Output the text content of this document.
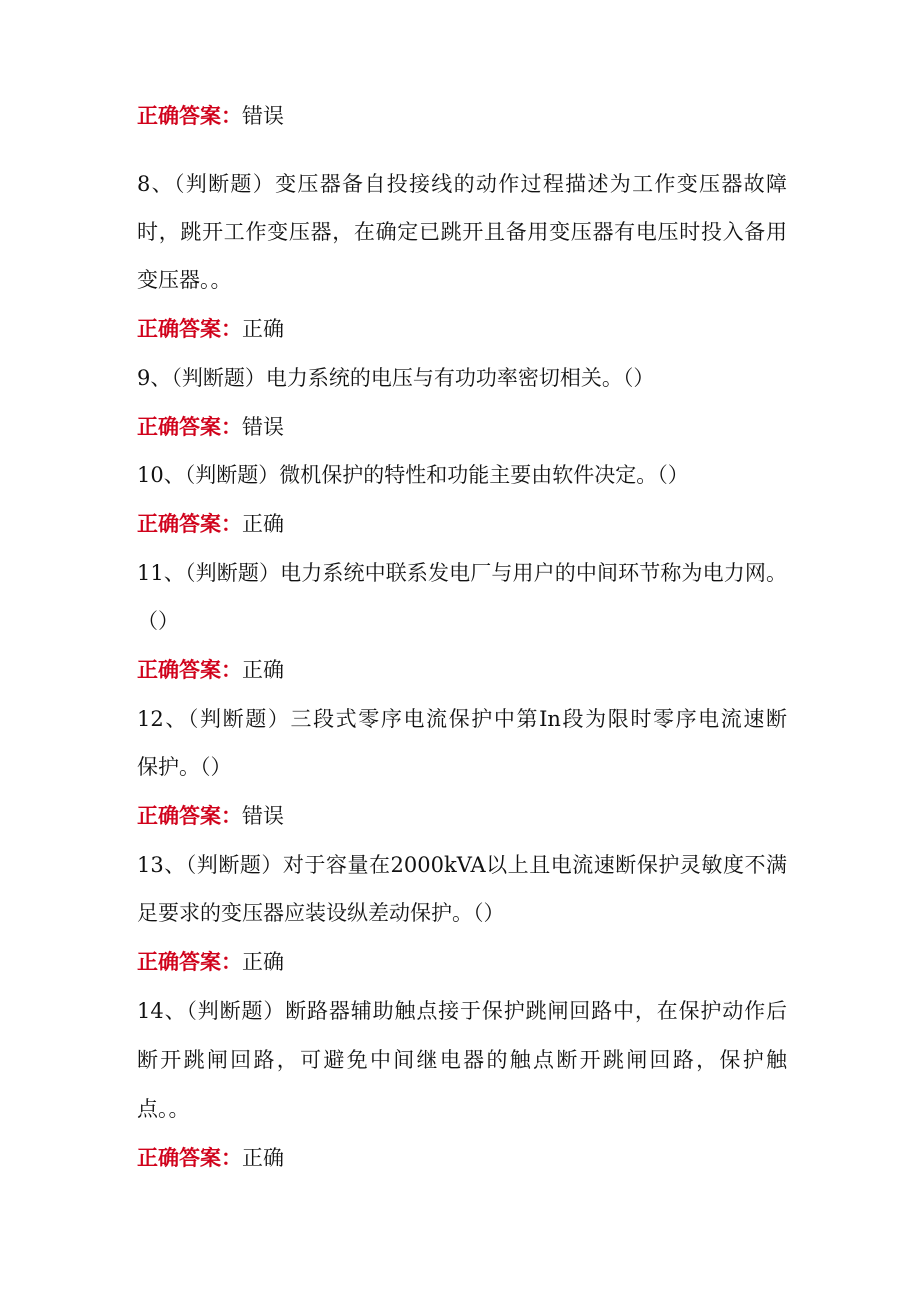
正确答案：错误
8、（判断题）变压器备自投接线的动作过程描述为工作变压器故障
时，跳开工作变压器，在确定已跳开且备用变压器有电压时投入备用
变压器。。
正确答案：正确
9、（判断题）电力系统的电压与有功功率密切相关。（）
正确答案：错误
10、（判断题）微机保护的特性和功能主要由软件决定。（）
正确答案：正确
11、（判断题）电力系统中联系发电厂与用户的中间环节称为电力网。
（）
正确答案：正确
12、（判断题）三段式零序电流保护中第In段为限时零序电流速断
保护。（）
正确答案：错误
13、（判断题）对于容量在2000kVA以上且电流速断保护灵敏度不满
足要求的变压器应装设纵差动保护。（）
正确答案：正确
14、（判断题）断路器辅助触点接于保护跳闸回路中，在保护动作后
断开跳闸回路，可避免中间继电器的触点断开跳闸回路，保护触
点。。
正确答案：正确
